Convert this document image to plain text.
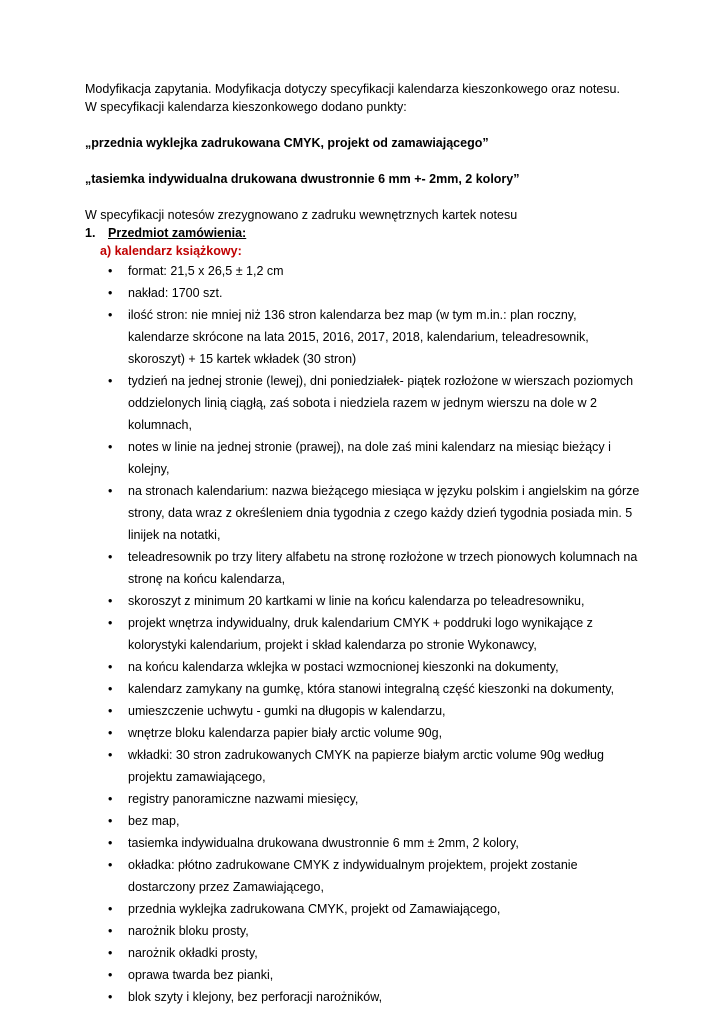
Modyfikacja zapytania. Modyfikacja dotyczy specyfikacji kalendarza kieszonkowego oraz notesu.

W specyfikacji kalendarza kieszonkowego dodano punkty:

„przednia wyklejka zadrukowana CMYK, projekt od zamawiającego”

„tasiemka indywidualna drukowana dwustronnie 6 mm +- 2mm, 2 kolory”

W specyfikacji notesów zrezygnowano z zadruku wewnętrznych kartek notesu

1.	Przedmiot zamówienia:

a) kalendarz książkowy:

•	format: 21,5 x 26,5 ± 1,2 cm
•	nakład: 1700 szt.
•	ilość stron: nie mniej niż 136 stron kalendarza bez map (w tym m.in.: plan roczny, kalendarze skrócone na lata 2015, 2016, 2017, 2018, kalendarium, teleadresownik, skoroszyt) + 15 kartek wkładek (30 stron)
•	tydzień na jednej stronie (lewej), dni poniedziałek- piątek rozłożone w wierszach poziomych oddzielonych linią ciągłą, zaś sobota i niedziela razem w jednym wierszu na dole w 2 kolumnach,
•	notes w linie na jednej stronie (prawej), na dole zaś mini kalendarz na miesiąc bieżący i kolejny,
•	na stronach kalendarium: nazwa bieżącego miesiąca w języku polskim i angielskim na górze strony, data wraz z określeniem dnia tygodnia z czego każdy dzień tygodnia posiada min. 5 linijek na notatki,
•	teleadresownik po trzy litery alfabetu na stronę rozłożone w trzech pionowych kolumnach na stronę na końcu kalendarza,
•	skoroszyt z minimum 20 kartkami w linie na końcu kalendarza po teleadresowniku,
•	projekt wnętrza indywidualny, druk kalendarium CMYK + poddruki logo wynikające z kolorystyki kalendarium, projekt i skład kalendarza po stronie Wykonawcy,
•	na końcu kalendarza wklejka w postaci wzmocnionej kieszonki na dokumenty,
•	kalendarz zamykany na gumkę, która stanowi integralną część kieszonki na dokumenty,
•	umieszczenie uchwytu - gumki na długopis w kalendarzu,
•	wnętrze bloku kalendarza papier biały arctic volume 90g,
•	wkładki: 30 stron zadrukowanych CMYK na papierze białym arctic volume 90g według projektu zamawiającego,
•	registry panoramiczne nazwami miesięcy,
•	bez map,
•	tasiemka indywidualna drukowana dwustronnie 6 mm ± 2mm, 2 kolory,
•	okładka: płótno zadrukowane CMYK z indywidualnym projektem, projekt zostanie dostarczony przez Zamawiającego,
•	przednia wyklejka zadrukowana CMYK, projekt od Zamawiającego,
•	narożnik bloku prosty,
•	narożnik okładki prosty,
•	oprawa twarda bez pianki,
•	blok szyty i klejony, bez perforacji narożników,
